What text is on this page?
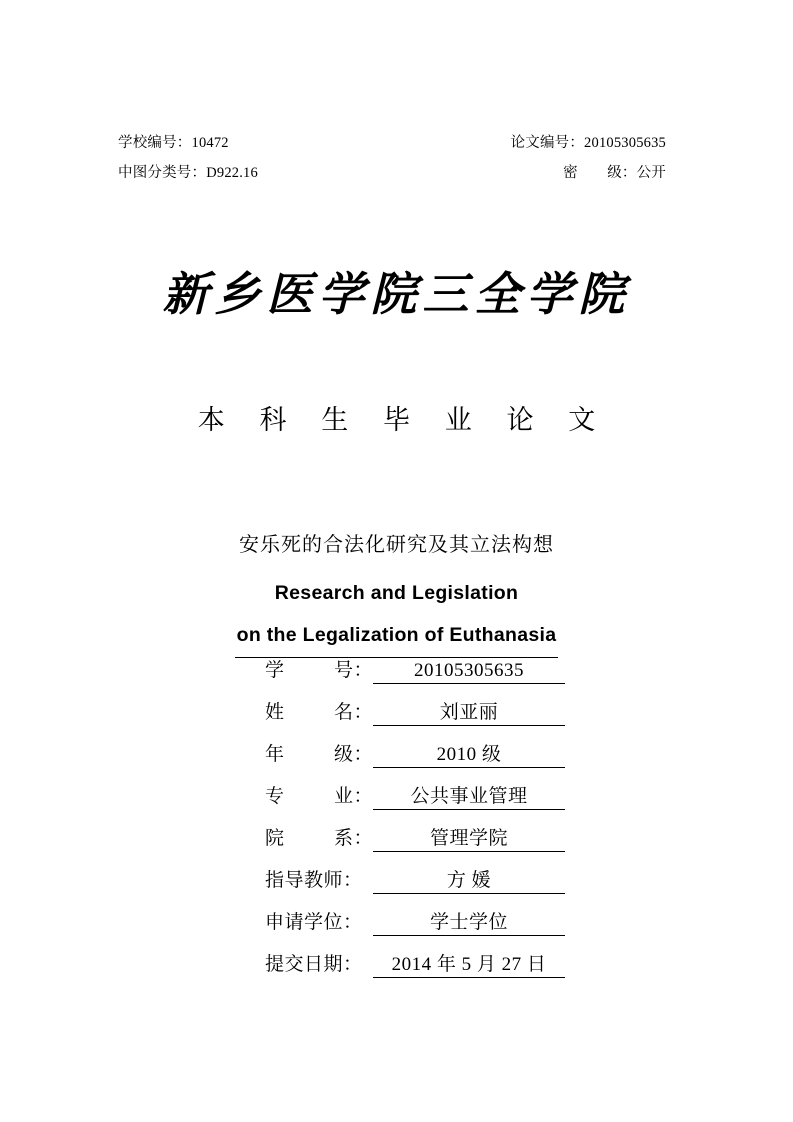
学校编号：10472	论文编号：20105305635
中图分类号：D922.16	密　　级：公开
新乡医学院三全学院
本 科 生 毕 业 论 文
安乐死的合法化研究及其立法构想
Research and Legislation
on the Legalization of Euthanasia
学	号：	20105305635
姓	名：	刘亚丽
年	级：	2010 级
专	业：	公共事业管理
院	系：	管理学院
指导教师：	方 媛
申请学位：	学士学位
提交日期：	2014 年 5 月 27 日
